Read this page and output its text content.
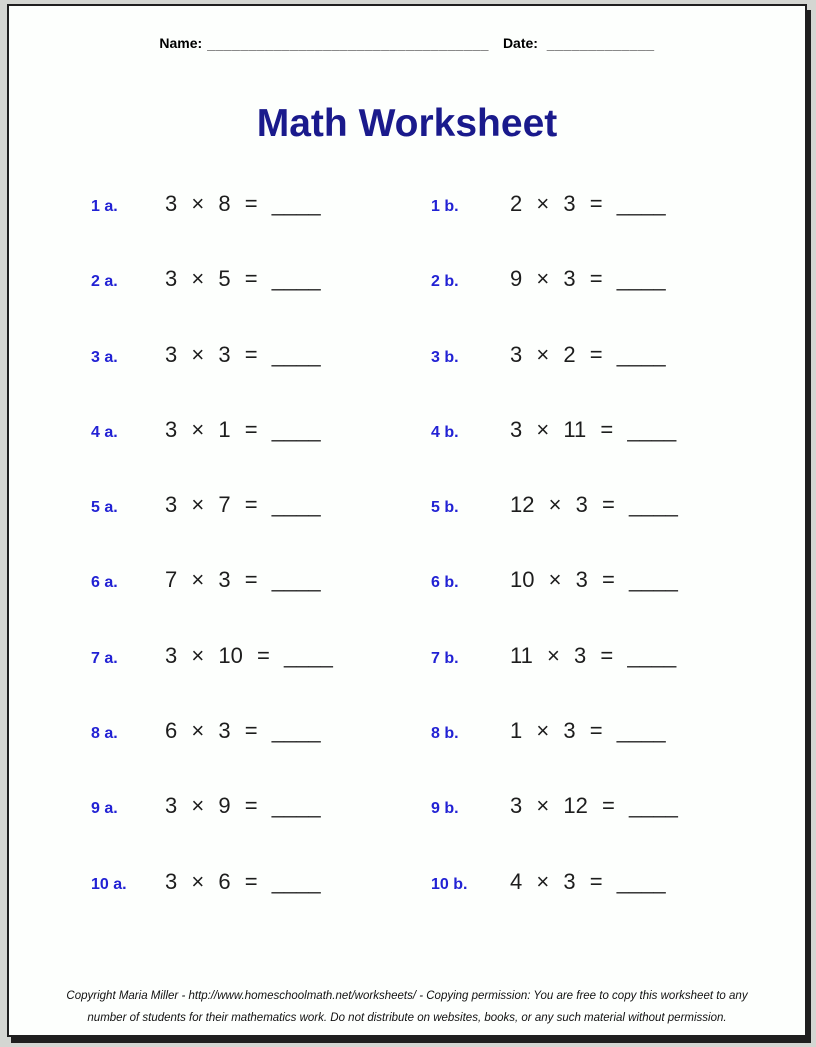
Name: __________________________________ Date: _____________
Math Worksheet
1 a.	3 × 8 = ____	1 b.	2 × 3 = ____
2 a.	3 × 5 = ____	2 b.	9 × 3 = ____
3 a.	3 × 3 = ____	3 b.	3 × 2 = ____
4 a.	3 × 1 = ____	4 b.	3 × 11 = ____
5 a.	3 × 7 = ____	5 b.	12 × 3 = ____
6 a.	7 × 3 = ____	6 b.	10 × 3 = ____
7 a.	3 × 10 = ____	7 b.	11 × 3 = ____
8 a.	6 × 3 = ____	8 b.	1 × 3 = ____
9 a.	3 × 9 = ____	9 b.	3 × 12 = ____
10 a.	3 × 6 = ____	10 b.	4 × 3 = ____
Copyright Maria Miller - http://www.homeschoolmath.net/worksheets/ - Copying permission: You are free to copy this worksheet to any
number of students for their mathematics work. Do not distribute on websites, books, or any such material without permission.
